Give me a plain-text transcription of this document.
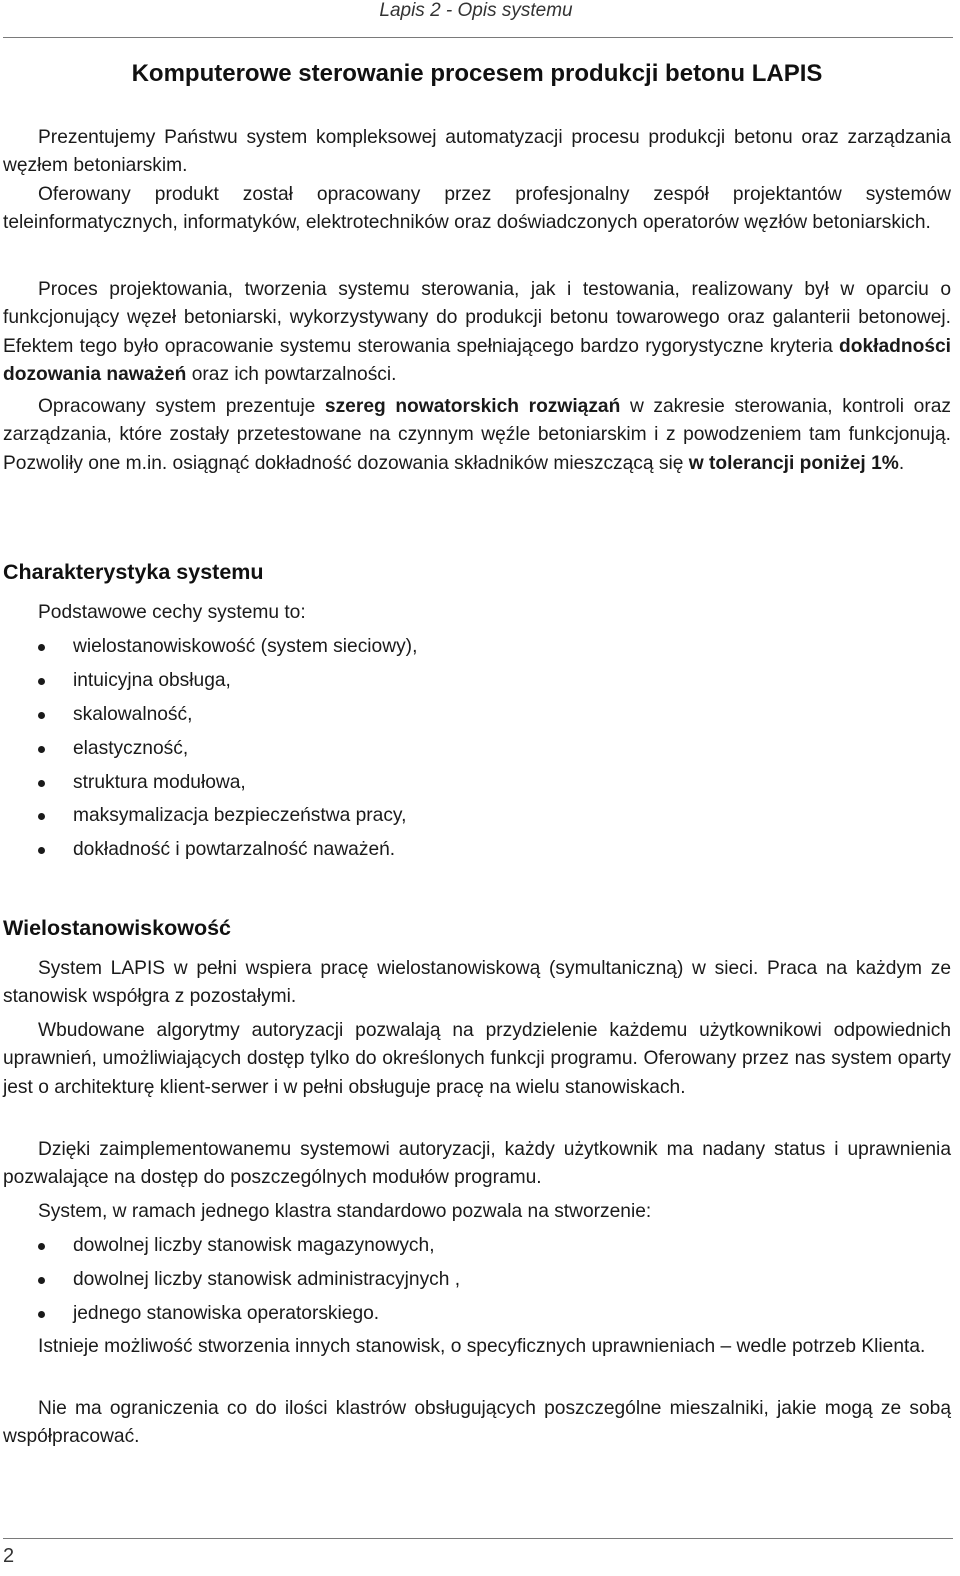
Lapis 2 - Opis systemu
Komputerowe sterowanie procesem produkcji betonu LAPIS

Prezentujemy Państwu system kompleksowej automatyzacji procesu produkcji betonu oraz zarządzania węzłem betoniarskim.

Oferowany produkt został opracowany przez profesjonalny zespół projektantów systemów teleinformatycznych, informatyków, elektrotechników oraz doświadczonych operatorów węzłów betoniarskich.

Proces projektowania, tworzenia systemu sterowania, jak i testowania, realizowany był w oparciu o funkcjonujący węzeł betoniarski, wykorzystywany do produkcji betonu towarowego oraz galanterii betonowej. Efektem tego było opracowanie systemu sterowania spełniającego bardzo rygorystyczne kryteria dokładności dozowania naważeń oraz ich powtarzalności.

Opracowany system prezentuje szereg nowatorskich rozwiązań w zakresie sterowania, kontroli oraz zarządzania, które zostały przetestowane na czynnym węźle betoniarskim i z powodzeniem tam funkcjonują. Pozwoliły one m.in. osiągnąć dokładność dozowania składników mieszczącą się w tolerancji poniżej 1%.

Charakterystyka systemu

Podstawowe cechy systemu to:

wielostanowiskowość (system sieciowy),
intuicyjna obsługa,
skalowalność,
elastyczność,
struktura modułowa,
maksymalizacja bezpieczeństwa pracy,
dokładność i powtarzalność naważeń.
Wielostanowiskowość

System LAPIS w pełni wspiera pracę wielostanowiskową (symultaniczną) w sieci. Praca na każdym ze stanowisk współgra z pozostałymi.

Wbudowane algorytmy autoryzacji pozwalają na przydzielenie każdemu użytkownikowi odpowiednich uprawnień, umożliwiających dostęp tylko do określonych funkcji programu. Oferowany przez nas system oparty jest o architekturę klient-serwer i w pełni obsługuje pracę na wielu stanowiskach.

Dzięki zaimplementowanemu systemowi autoryzacji, każdy użytkownik ma nadany status i uprawnienia pozwalające na dostęp do poszczególnych modułów programu.

System, w ramach jednego klastra standardowo pozwala na stworzenie:

dowolnej liczby stanowisk magazynowych,
dowolnej liczby stanowisk administracyjnych ,
jednego stanowiska operatorskiego.

Istnieje możliwość stworzenia innych stanowisk, o specyficznych uprawnieniach – wedle potrzeb Klienta.

Nie ma ograniczenia co do ilości klastrów obsługujących poszczególne mieszalniki, jakie mogą ze sobą współpracować.

2
